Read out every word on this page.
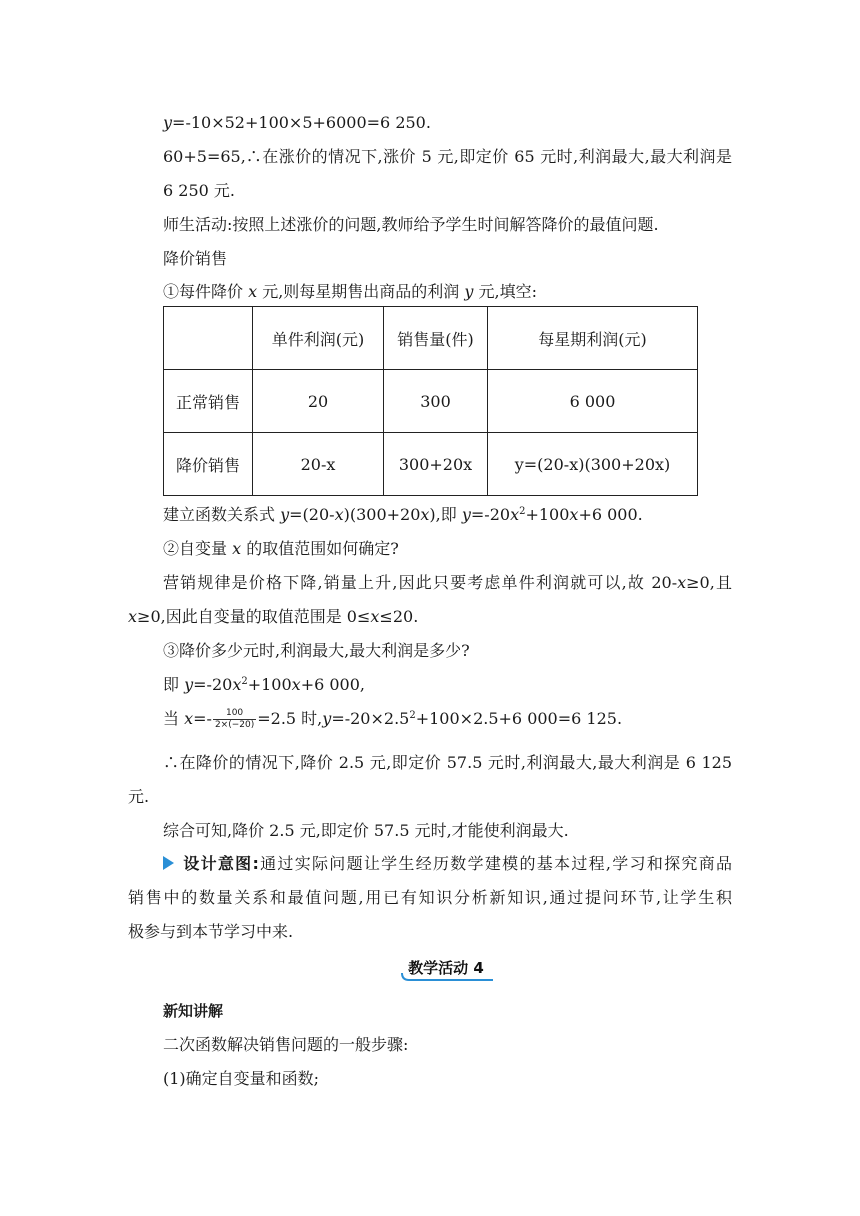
y=-10×52+100×5+6000=6 250.
60+5=65,∴在涨价的情况下,涨价 5 元,即定价 65 元时,利润最大,最大利润是
6 250 元.
师生活动:按照上述涨价的问题,教师给予学生时间解答降价的最值问题.
降价销售
①每件降价 x 元,则每星期售出商品的利润 y 元,填空:
	单件利润(元)	销售量(件)	每星期利润(元)
正常销售	20	300	6 000
降价销售	20-x	300+20x	y=(20-x)(300+20x)
建立函数关系式 y=(20-x)(300+20x),即 $y=-20x^2+100x+6$ 000.
②自变量 x 的取值范围如何确定?
营销规律是价格下降,销量上升,因此只要考虑单件利润就可以,故 20-x≥0,且
x≥0,因此自变量的取值范围是 0≤x≤20.
③降价多少元时,利润最大,最大利润是多少?
即 $y=-20x^2+100x+6$ 000,
当 $x=- \frac{100}{2\times(-20)} =2.5$ 时$,y=-20\times 2.5^2+100\times 2.5+6$ 000=6 125.
∴在降价的情况下,降价 2.5 元,即定价 57.5 元时,利润最大,最大利润是 6 125
元.
综合可知,降价 2.5 元,即定价 57.5 元时,才能使利润最大.
设计意图:通过实际问题让学生经历数学建模的基本过程,学习和探究商品
销售中的数量关系和最值问题,用已有知识分析新知识,通过提问环节,让学生积
极参与到本节学习中来.
教学活动 4
新知讲解
二次函数解决销售问题的一般步骤:
(1)确定自变量和函数;
